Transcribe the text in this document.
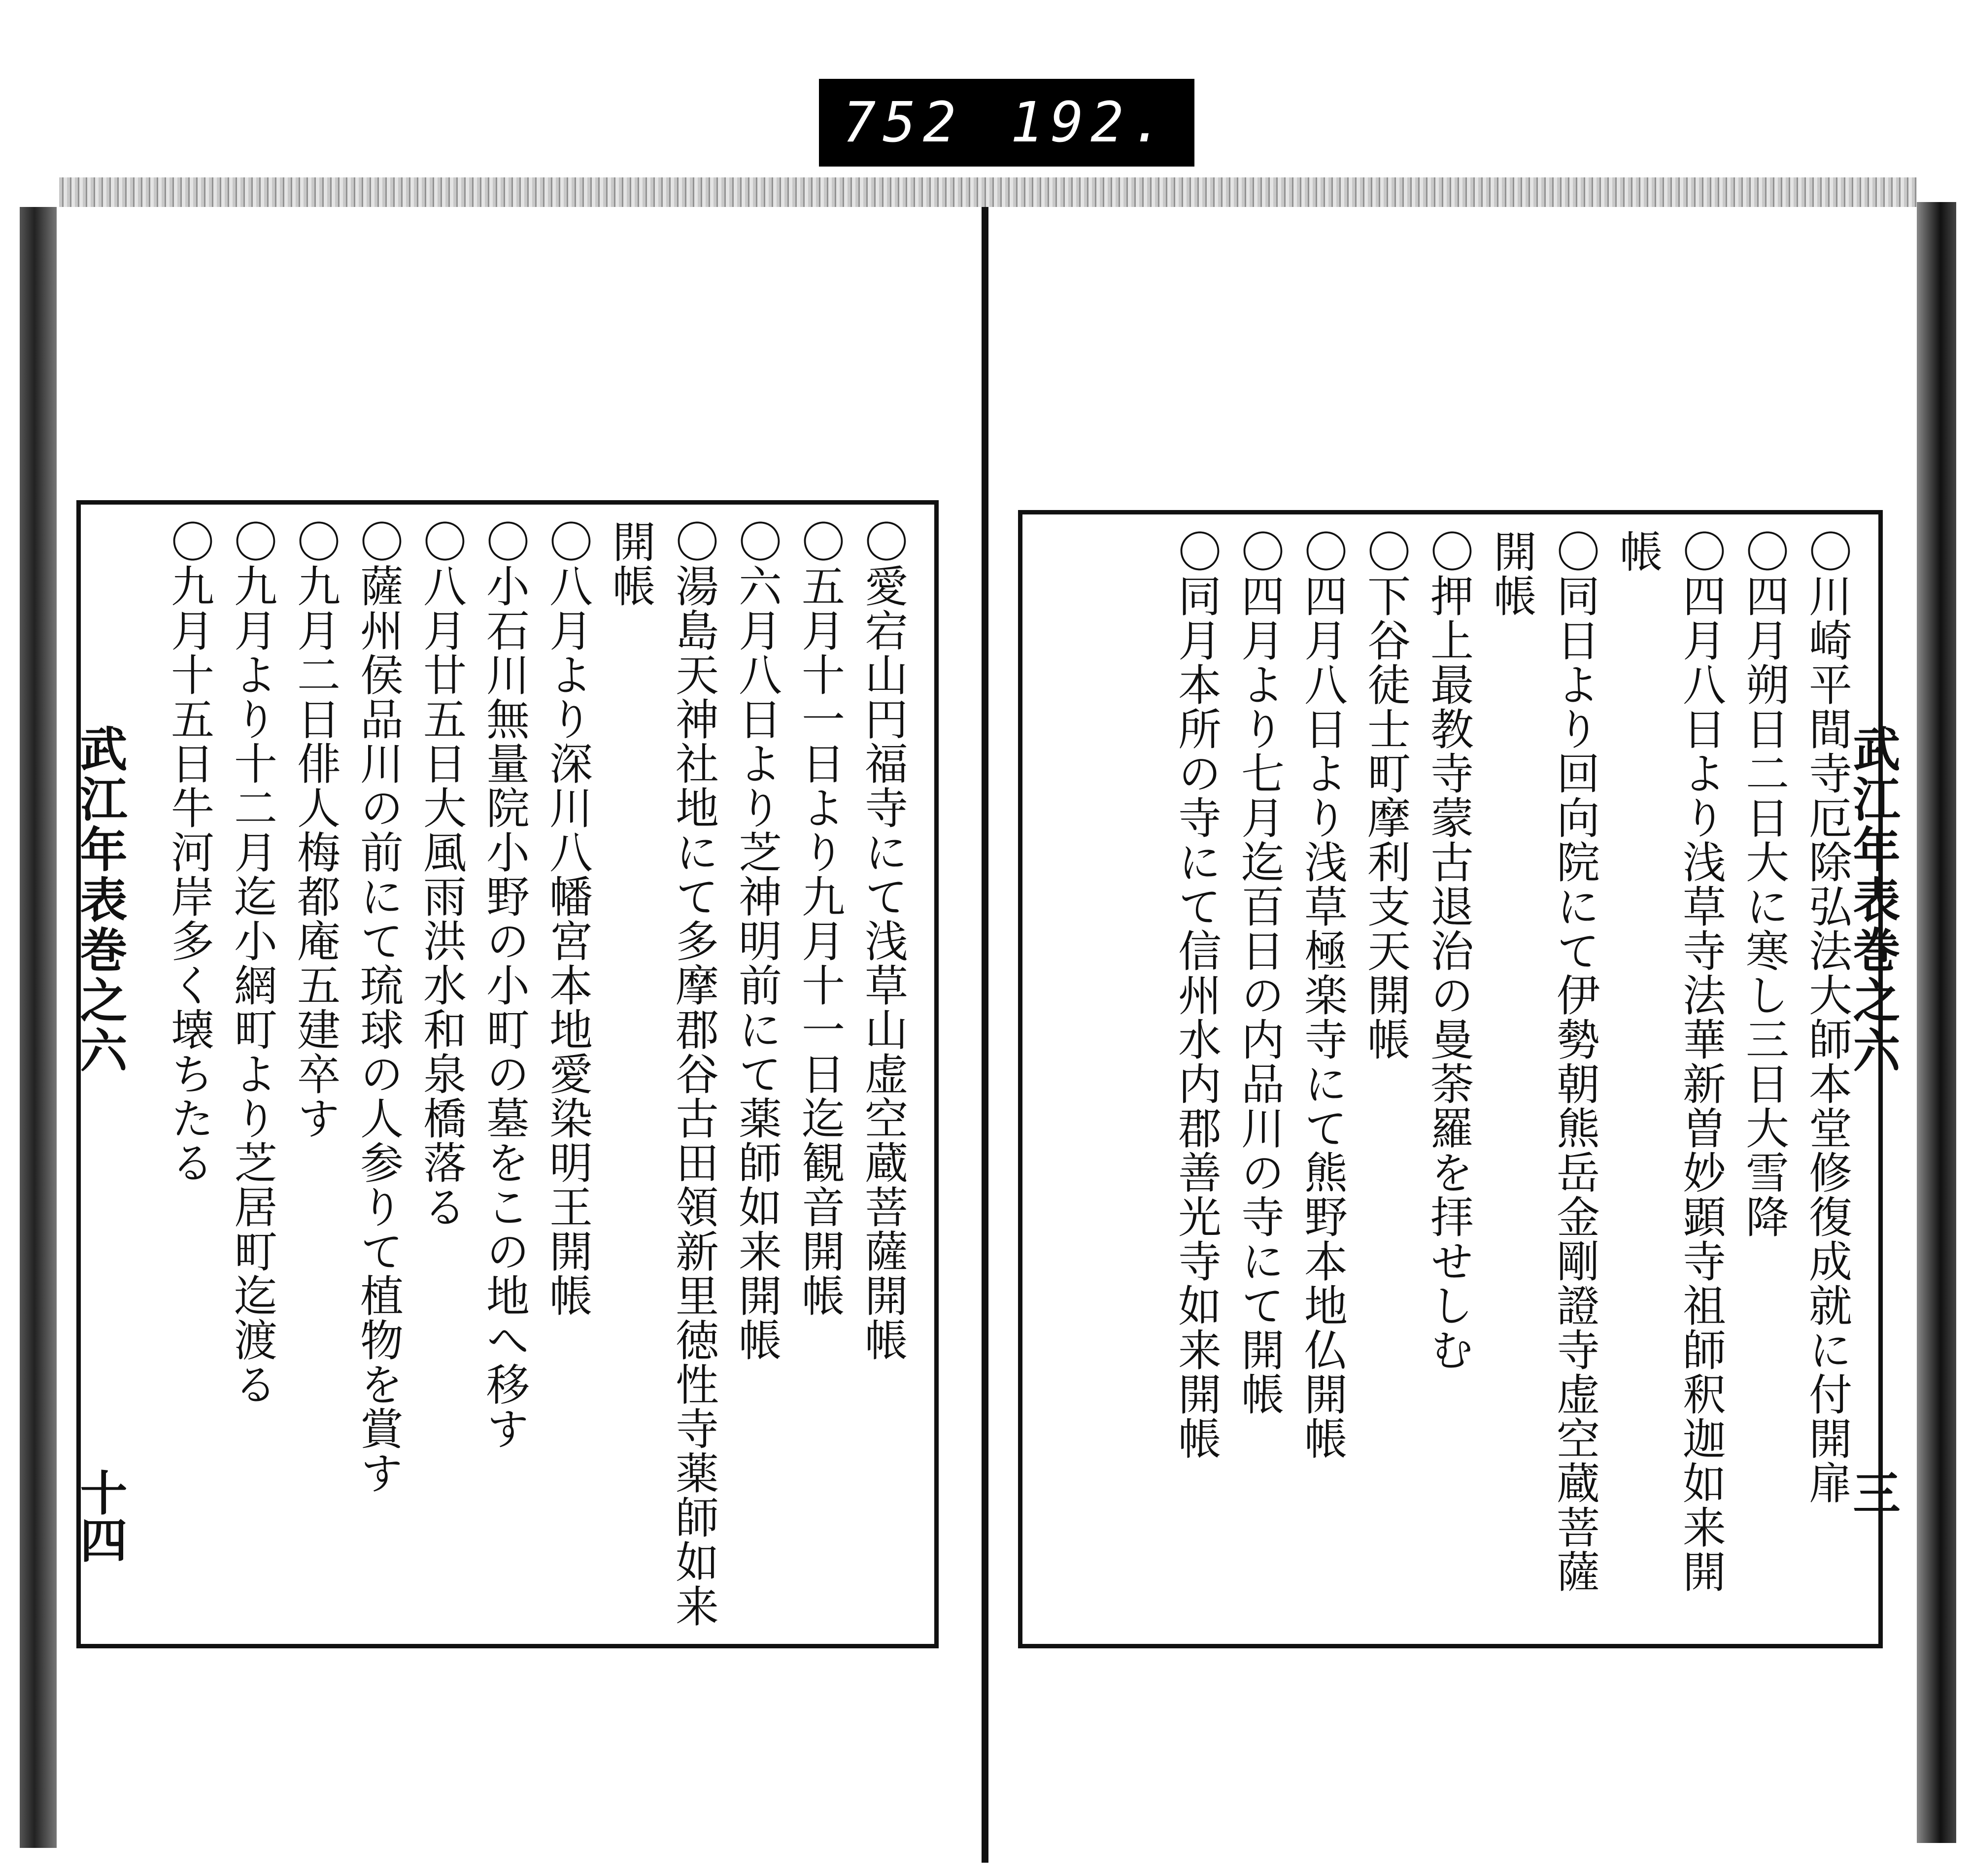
752 192.
武江年表巻之六
十四

〇愛宕山円福寺にて浅草山虚空蔵菩薩開帳

〇五月十一日より九月十一日迄観音開帳

〇六月八日より芝神明前にて薬師如来開帳

〇湯島天神社地にて多摩郡谷古田領新里徳性寺薬師如来開帳

〇八月より深川八幡宮本地愛染明王開帳

〇小石川無量院小野の小町の墓をこの地へ移す

〇八月廿五日大風雨洪水和泉橋落る

〇薩州侯品川の前にて琉球の人参りて植物を賞す

〇九月二日俳人梅都庵五建卒す

〇九月より十二月迄小網町より芝居町迄渡る

〇九月十五日牛河岸多く壊ちたる	武江年表巻之六
三

〇川崎平間寺厄除弘法大師本堂修復成就に付開扉

〇四月朔日二日大に寒し三日大雪降

〇四月八日より浅草寺法華新曽妙顕寺祖師釈迦如来開帳

〇同日より回向院にて伊勢朝熊岳金剛證寺虚空蔵菩薩開帳

〇押上最教寺蒙古退治の曼荼羅を拝せしむ

〇下谷徒士町摩利支天開帳

〇四月八日より浅草極楽寺にて熊野本地仏開帳

〇四月より七月迄百日の内品川の寺にて開帳

〇同月本所の寺にて信州水内郡善光寺如来開帳
